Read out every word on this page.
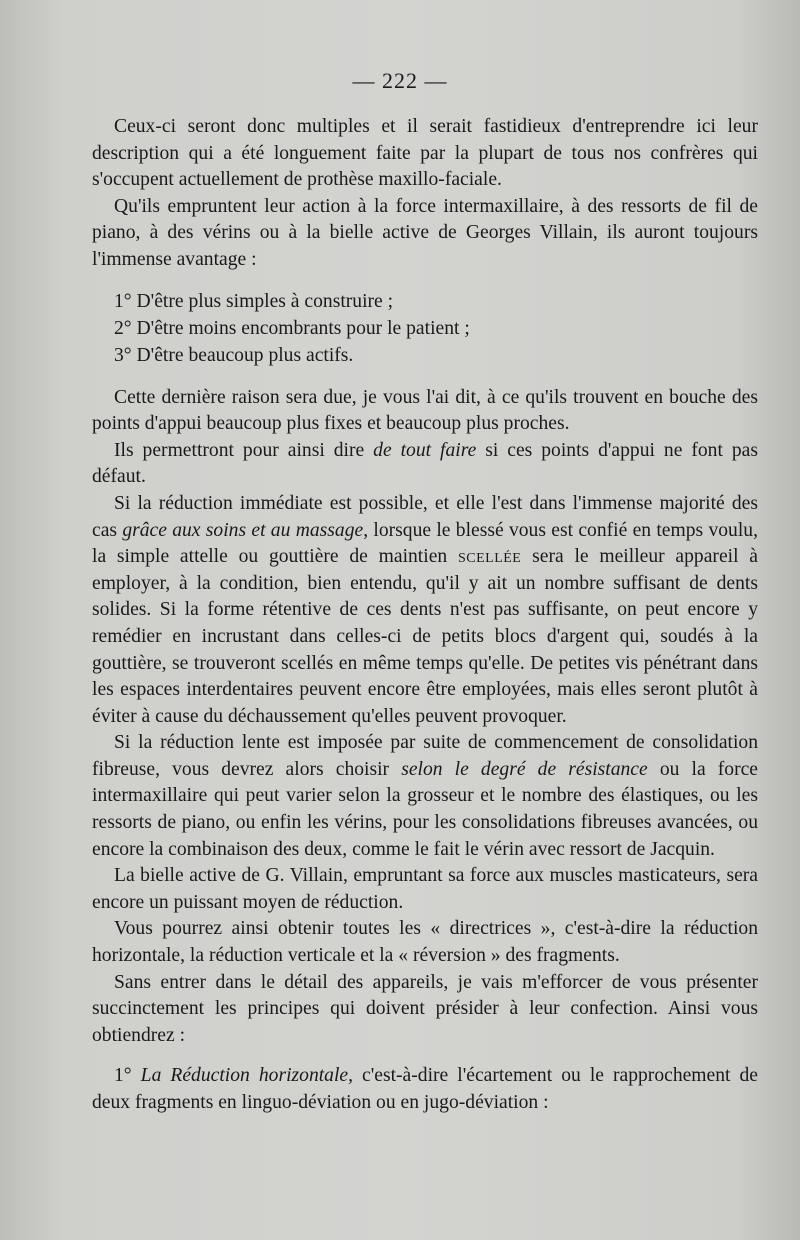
— 222 —

Ceux-ci seront donc multiples et il serait fastidieux d'entreprendre ici leur description qui a été longuement faite par la plupart de tous nos confrères qui s'occupent actuellement de prothèse maxillo-faciale.

Qu'ils empruntent leur action à la force intermaxillaire, à des ressorts de fil de piano, à des vérins ou à la bielle active de Georges Villain, ils auront toujours l'immense avantage :

1° D'être plus simples à construire ;

2° D'être moins encombrants pour le patient ;

3° D'être beaucoup plus actifs.

Cette dernière raison sera due, je vous l'ai dit, à ce qu'ils trouvent en bouche des points d'appui beaucoup plus fixes et beaucoup plus proches.

Ils permettront pour ainsi dire de tout faire si ces points d'appui ne font pas défaut.

Si la réduction immédiate est possible, et elle l'est dans l'immense majorité des cas grâce aux soins et au massage, lorsque le blessé vous est confié en temps voulu, la simple attelle ou gouttière de maintien scellée sera le meilleur appareil à employer, à la condition, bien entendu, qu'il y ait un nombre suffisant de dents solides. Si la forme rétentive de ces dents n'est pas suffisante, on peut encore y remédier en incrustant dans celles-ci de petits blocs d'argent qui, soudés à la gouttière, se trouveront scellés en même temps qu'elle. De petites vis pénétrant dans les espaces interdentaires peuvent encore être employées, mais elles seront plutôt à éviter à cause du déchaussement qu'elles peuvent provoquer.

Si la réduction lente est imposée par suite de commencement de consolidation fibreuse, vous devrez alors choisir selon le degré de résistance ou la force intermaxillaire qui peut varier selon la grosseur et le nombre des élastiques, ou les ressorts de piano, ou enfin les vérins, pour les consolidations fibreuses avancées, ou encore la combinaison des deux, comme le fait le vérin avec ressort de Jacquin.

La bielle active de G. Villain, empruntant sa force aux muscles masticateurs, sera encore un puissant moyen de réduction.

Vous pourrez ainsi obtenir toutes les « directrices », c'est-à-dire la réduction horizontale, la réduction verticale et la « réversion » des fragments.

Sans entrer dans le détail des appareils, je vais m'efforcer de vous présenter succinctement les principes qui doivent présider à leur confection. Ainsi vous obtiendrez :

1° La Réduction horizontale, c'est-à-dire l'écartement ou le rapprochement de deux fragments en linguo-déviation ou en jugo-déviation :
